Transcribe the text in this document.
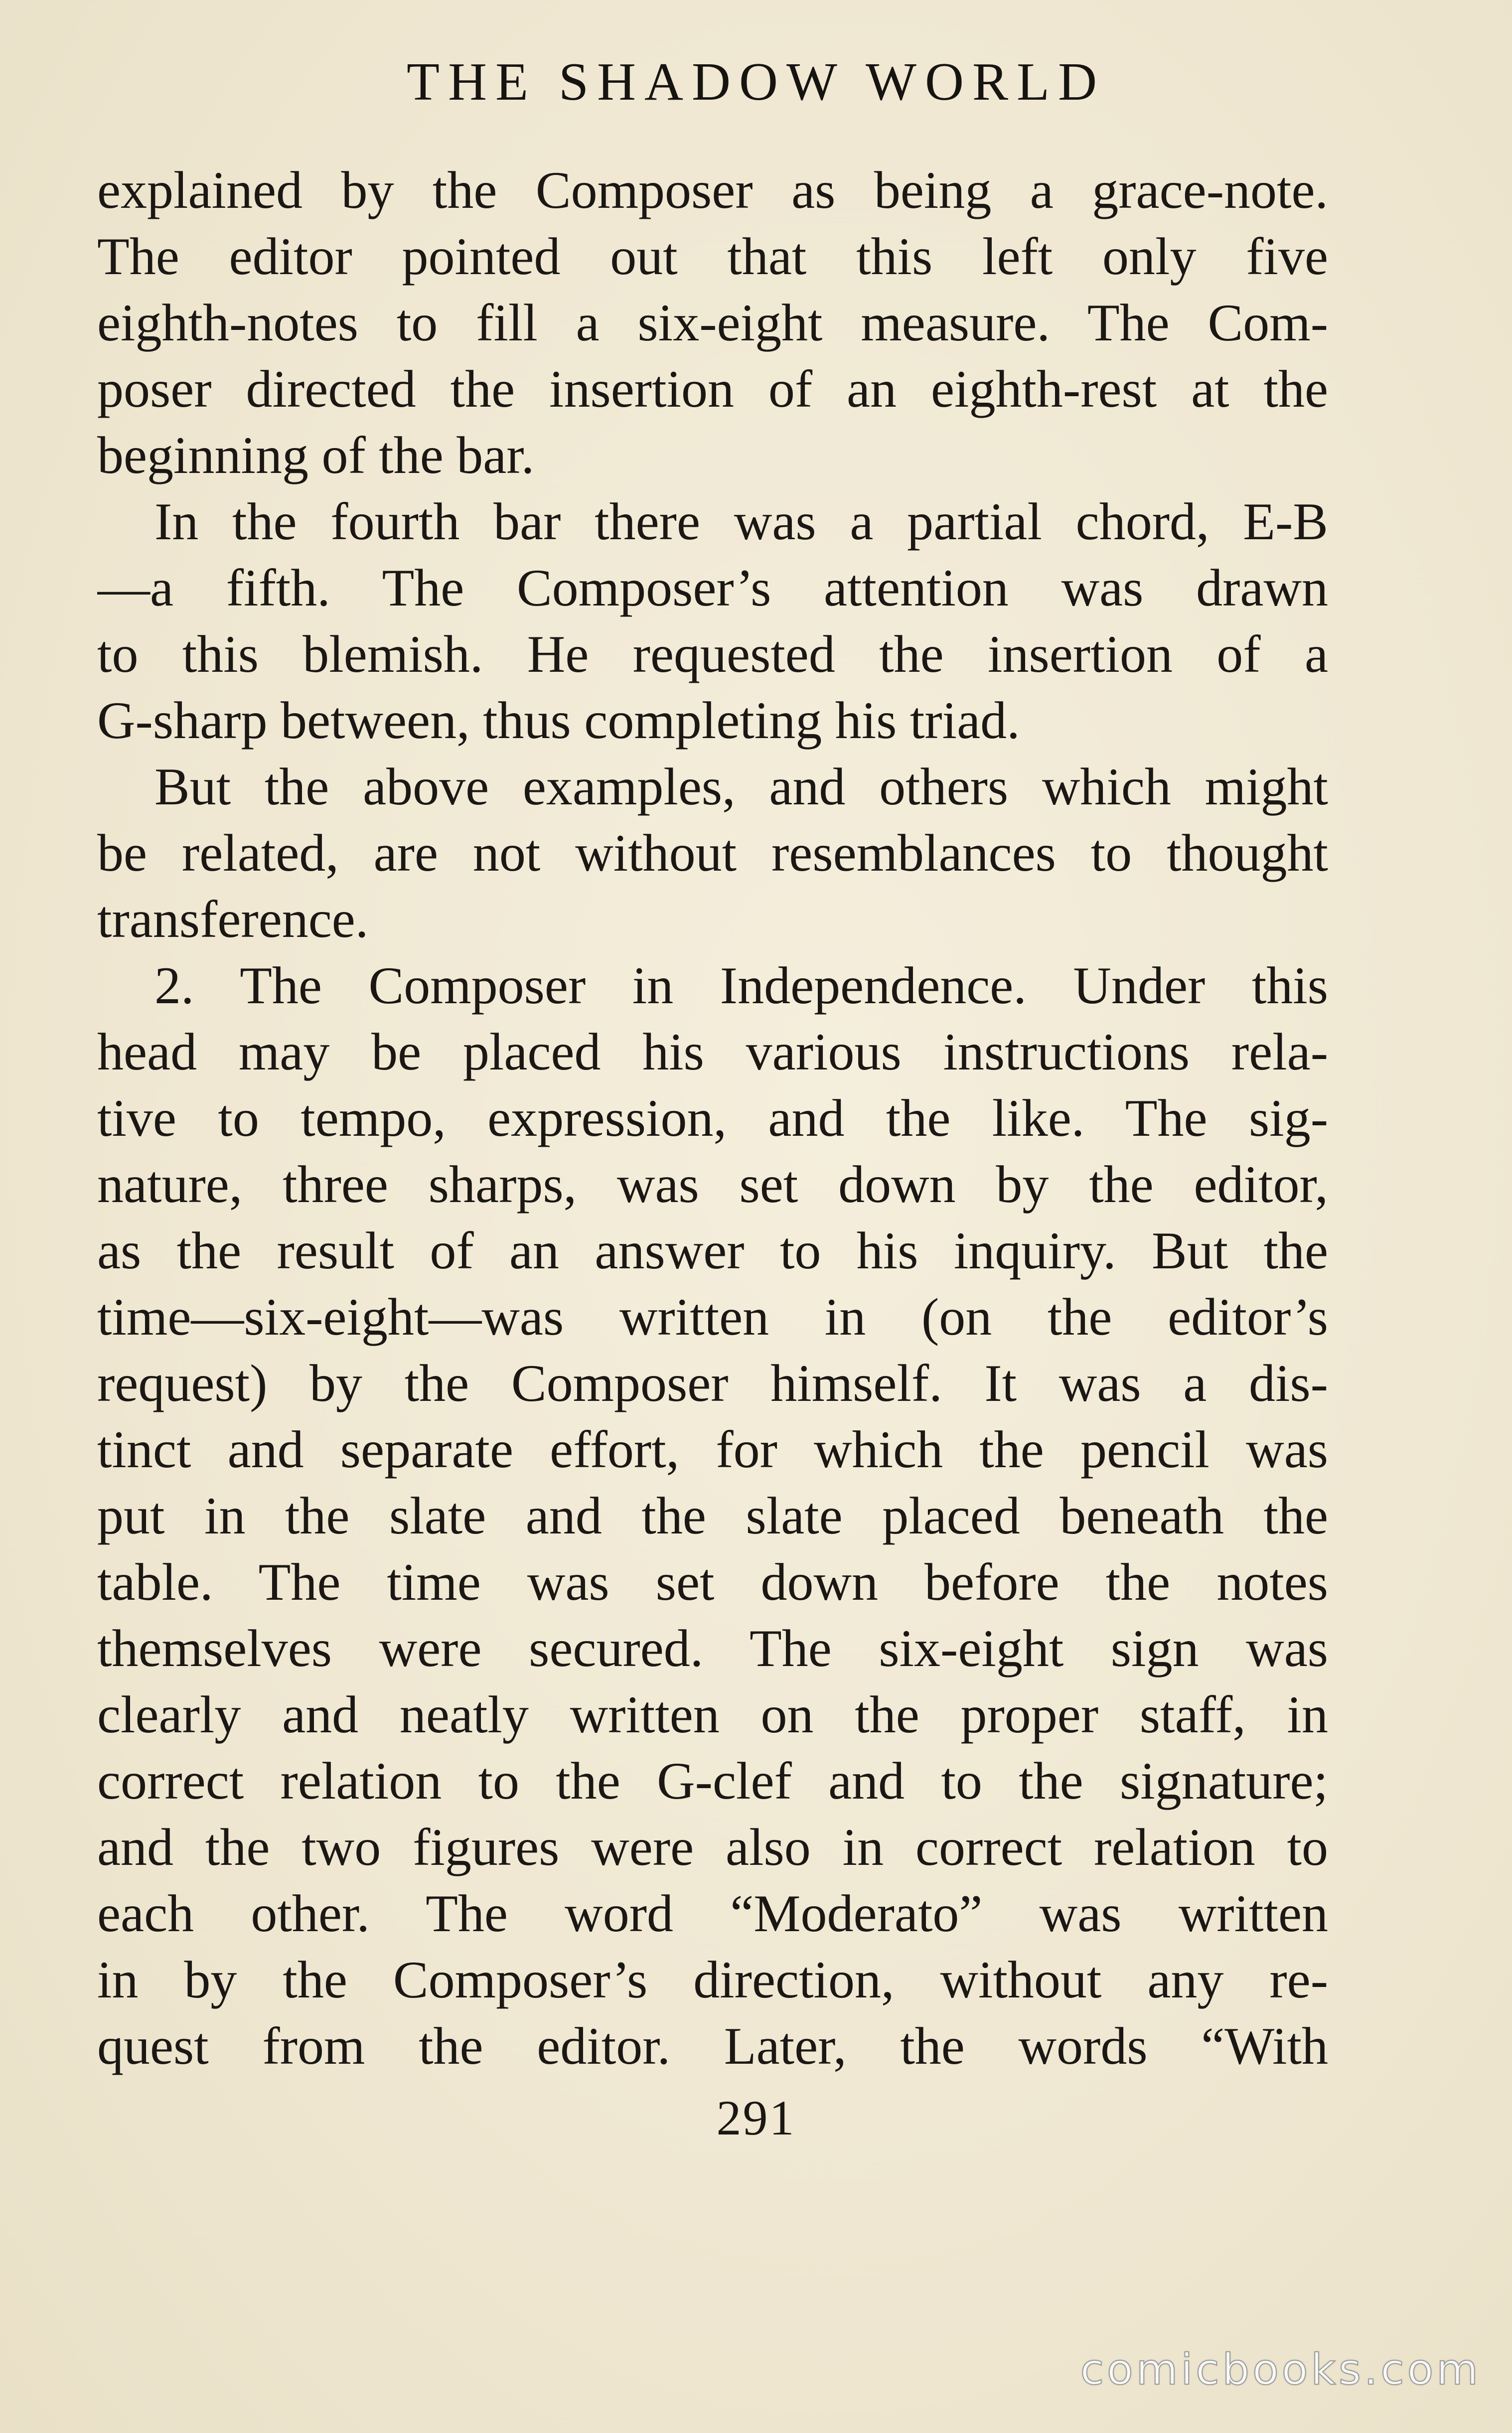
THE SHADOW WORLD
explained by the Composer as being a grace-note.
The editor pointed out that this left only five
eighth-notes to fill a six-eight measure. The Com-
poser directed the insertion of an eighth-rest at the
beginning of the bar.
In the fourth bar there was a partial chord, E-B
—a fifth. The Composer’s attention was drawn
to this blemish. He requested the insertion of a
G-sharp between, thus completing his triad.
But the above examples, and others which might
be related, are not without resemblances to thought
transference.
2. The Composer in Independence. Under this
head may be placed his various instructions rela-
tive to tempo, expression, and the like. The sig-
nature, three sharps, was set down by the editor,
as the result of an answer to his inquiry. But the
time—six-eight—was written in (on the editor’s
request) by the Composer himself. It was a dis-
tinct and separate effort, for which the pencil was
put in the slate and the slate placed beneath the
table. The time was set down before the notes
themselves were secured. The six-eight sign was
clearly and neatly written on the proper staff, in
correct relation to the G-clef and to the signature;
and the two figures were also in correct relation to
each other. The word “Moderato” was written
in by the Composer’s direction, without any re-
quest from the editor. Later, the words “With
291
comicbooks.com
